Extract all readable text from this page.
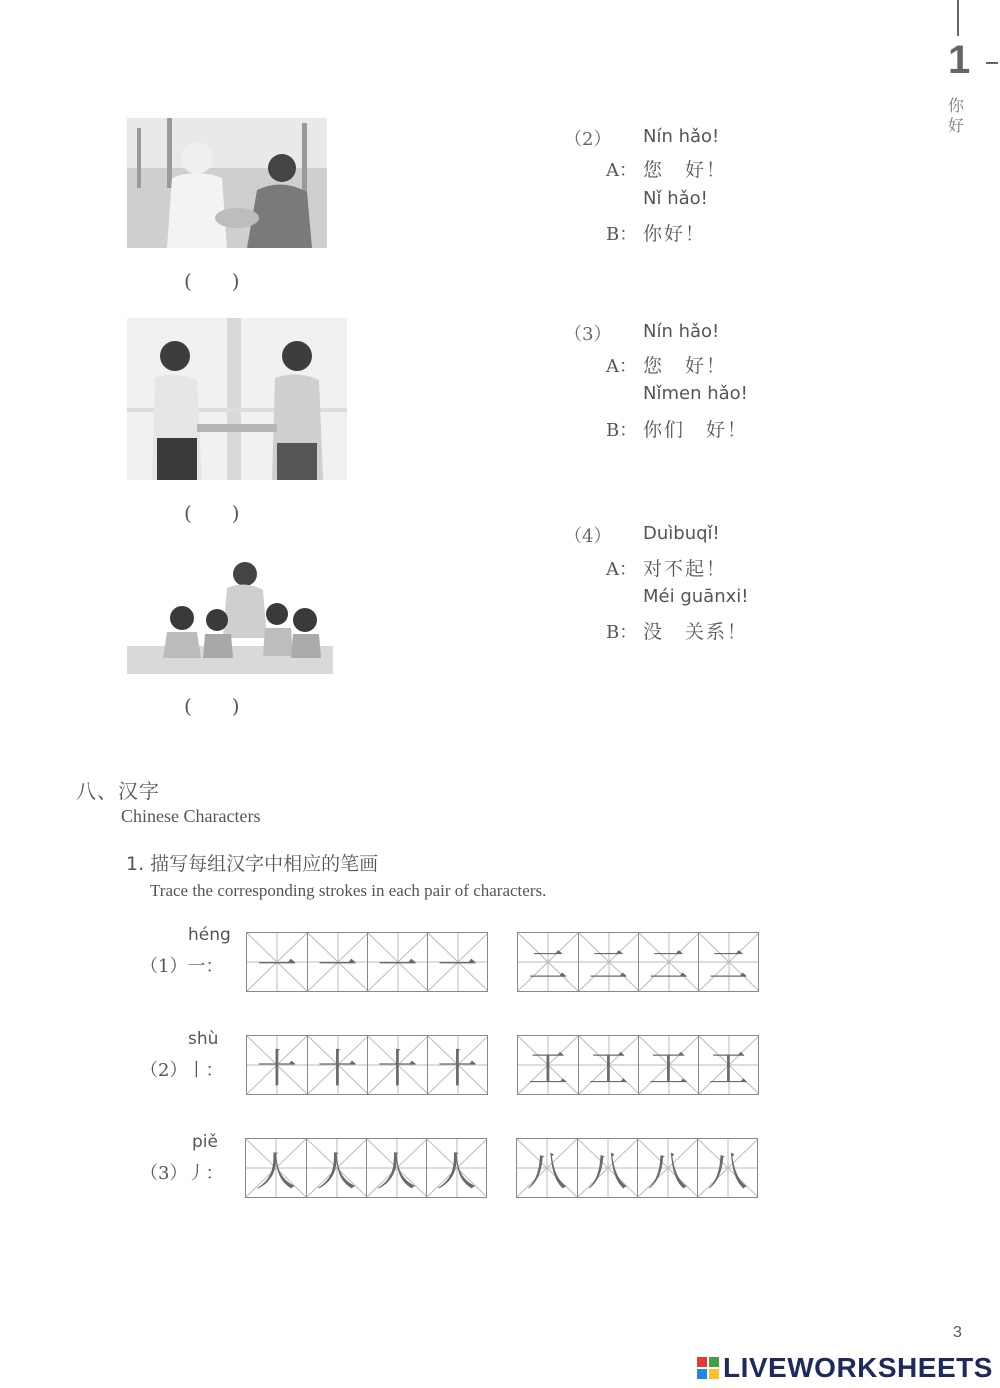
1
你好
(　　)
(　　)
(　　)
（2） Nín hǎo!
A： 您　好！
Nǐ hǎo!
B： 你好！
（3） Nín hǎo!
A： 您　好！
Nǐmen hǎo!
B： 你们　好！
（4） Duìbuqǐ!
A： 对不起！
Méi guānxi!
B： 没　关系！
八、汉字
Chinese Characters
1. 描写每组汉字中相应的笔画
Trace the corresponding strokes in each pair of characters.
héng
（1）一： 一 一 一 一 二 二 二 二
shù
（2）丨： 十 十 十 十 工 工 工 工
piě
（3）丿： 人 人 人 人 八 八 八 八
3
LIVEWORKSHEETS
